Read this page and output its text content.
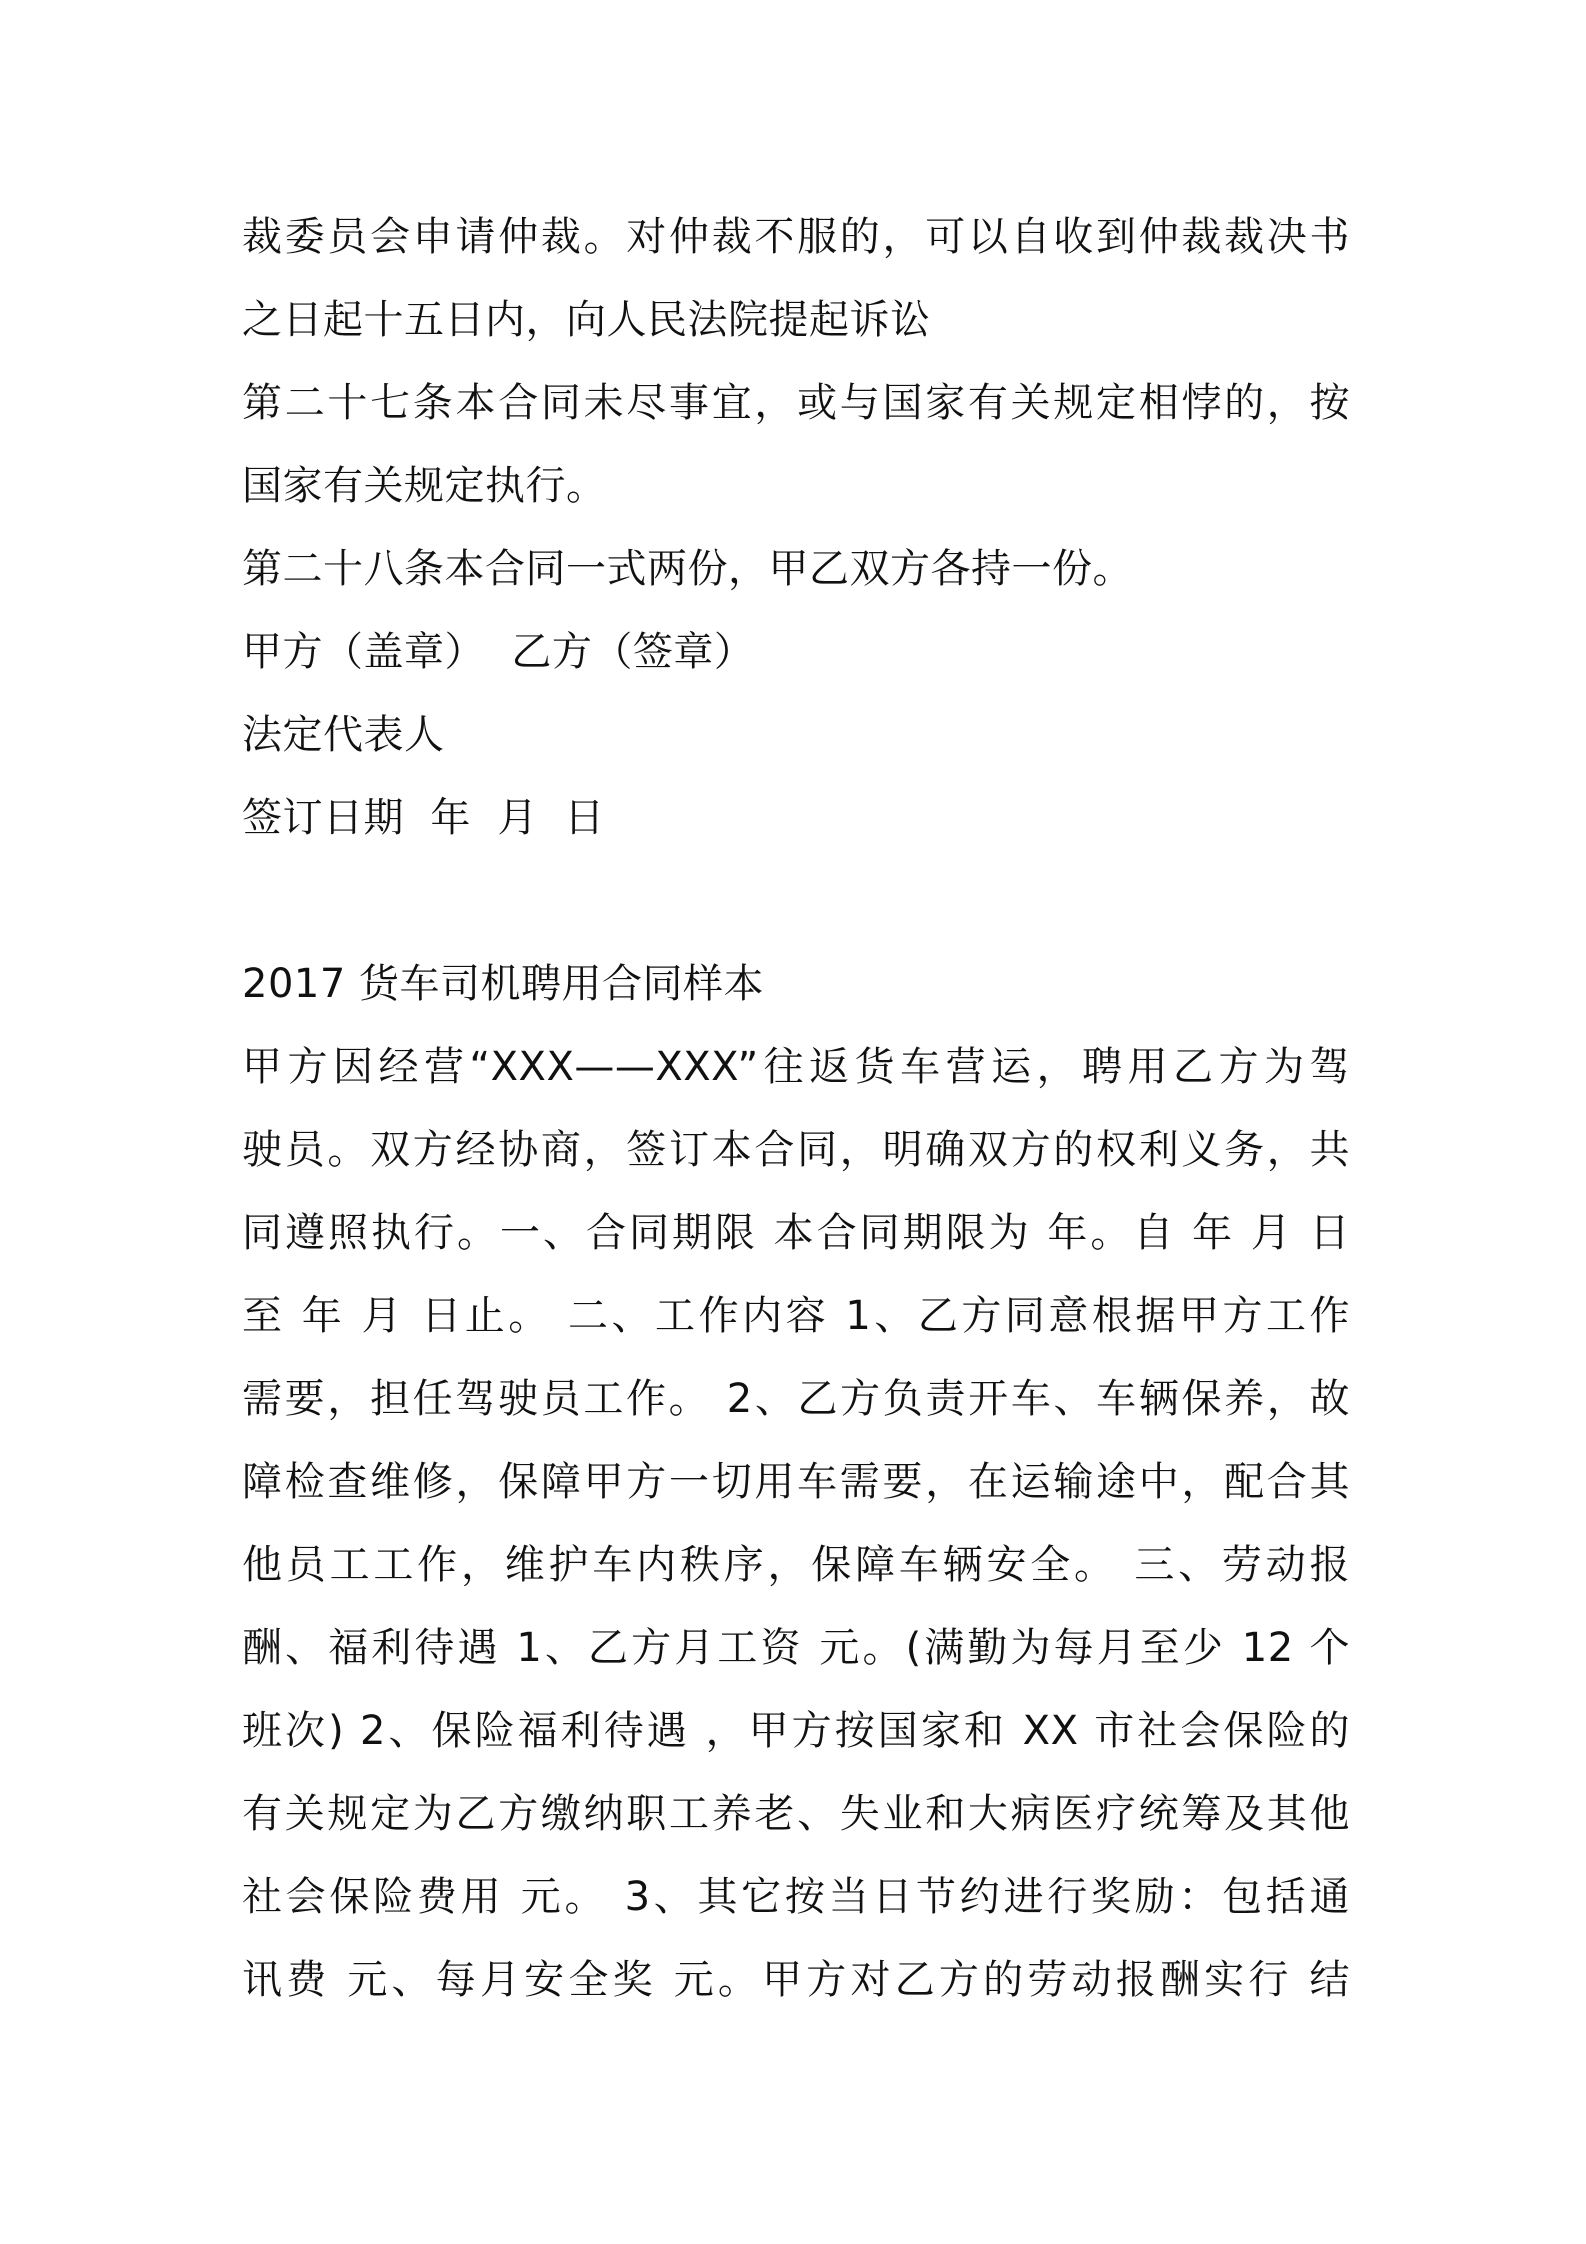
裁委员会申请仲裁。对仲裁不服的，可以自收到仲裁裁决书
之日起十五日内，向人民法院提起诉讼
第二十七条本合同未尽事宜，或与国家有关规定相悖的，按
国家有关规定执行。
第二十八条本合同一式两份，甲乙双方各持一份。
甲方（盖章）  乙方（签章）
法定代表人
签订日期  年  月  日
2017 货车司机聘用合同样本
甲方因经营“XXX——XXX”往返货车营运，聘用乙方为驾
驶员。双方经协商，签订本合同，明确双方的权利义务，共
同遵照执行。一、合同期限 本合同期限为 年。自 年 月 日
至 年 月 日止。 二、工作内容 1、乙方同意根据甲方工作
需要，担任驾驶员工作。 2、乙方负责开车、车辆保养，故
障检查维修，保障甲方一切用车需要，在运输途中，配合其
他员工工作，维护车内秩序，保障车辆安全。 三、劳动报
酬、福利待遇 1、乙方月工资 元。(满勤为每月至少 12 个
班次) 2、保险福利待遇 ，甲方按国家和 XX 市社会保险的
有关规定为乙方缴纳职工养老、失业和大病医疗统筹及其他
社会保险费用 元。 3、其它按当日节约进行奖励：包括通
讯费 元、每月安全奖 元。甲方对乙方的劳动报酬实行 结
